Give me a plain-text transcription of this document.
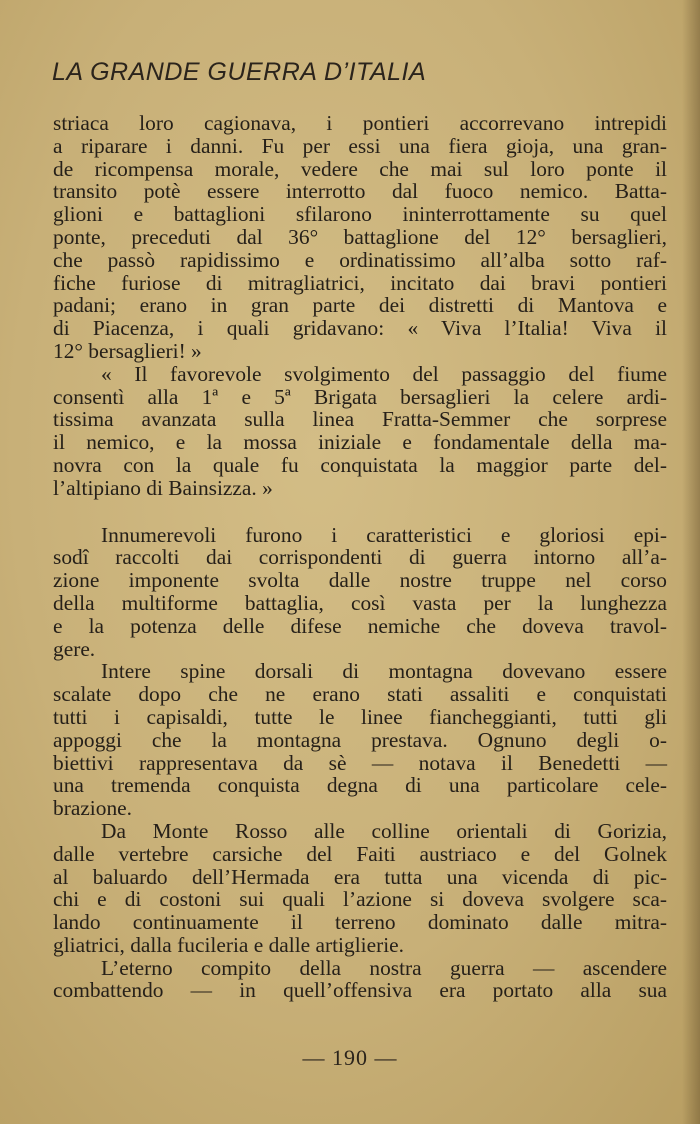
LA GRANDE GUERRA D’ITALIA
striaca loro cagionava, i pontieri accorrevano intrepidi
a riparare i danni. Fu per essi una fiera gioja, una gran-
de ricompensa morale, vedere che mai sul loro ponte il
transito potè essere interrotto dal fuoco nemico. Batta-
glioni e battaglioni sfilarono ininterrottamente su quel
ponte, preceduti dal 36° battaglione del 12° bersaglieri,
che passò rapidissimo e ordinatissimo all’alba sotto raf-
fiche furiose di mitragliatrici, incitato dai bravi pontieri
padani; erano in gran parte dei distretti di Mantova e
di Piacenza, i quali gridavano: « Viva l’Italia! Viva il
12° bersaglieri! »
« Il favorevole svolgimento del passaggio del fiume
consentì alla 1ª e 5ª Brigata bersaglieri la celere ardi-
tissima avanzata sulla linea Fratta-Semmer che sorprese
il nemico, e la mossa iniziale e fondamentale della ma-
novra con la quale fu conquistata la maggior parte del-
l’altipiano di Bainsizza. »
Innumerevoli furono i caratteristici e gloriosi epi-
sodî raccolti dai corrispondenti di guerra intorno all’a-
zione imponente svolta dalle nostre truppe nel corso
della multiforme battaglia, così vasta per la lunghezza
e la potenza delle difese nemiche che doveva travol-
gere.
Intere spine dorsali di montagna dovevano essere
scalate dopo che ne erano stati assaliti e conquistati
tutti i capisaldi, tutte le linee fiancheggianti, tutti gli
appoggi che la montagna prestava. Ognuno degli o-
biettivi rappresentava da sè — notava il Benedetti —
una tremenda conquista degna di una particolare cele-
brazione.
Da Monte Rosso alle colline orientali di Gorizia,
dalle vertebre carsiche del Faiti austriaco e del Golnek
al baluardo dell’Hermada era tutta una vicenda di pic-
chi e di costoni sui quali l’azione si doveva svolgere sca-
lando continuamente il terreno dominato dalle mitra-
gliatrici, dalla fucileria e dalle artiglierie.
L’eterno compito della nostra guerra — ascendere
combattendo — in quell’offensiva era portato alla sua
— 190 —
